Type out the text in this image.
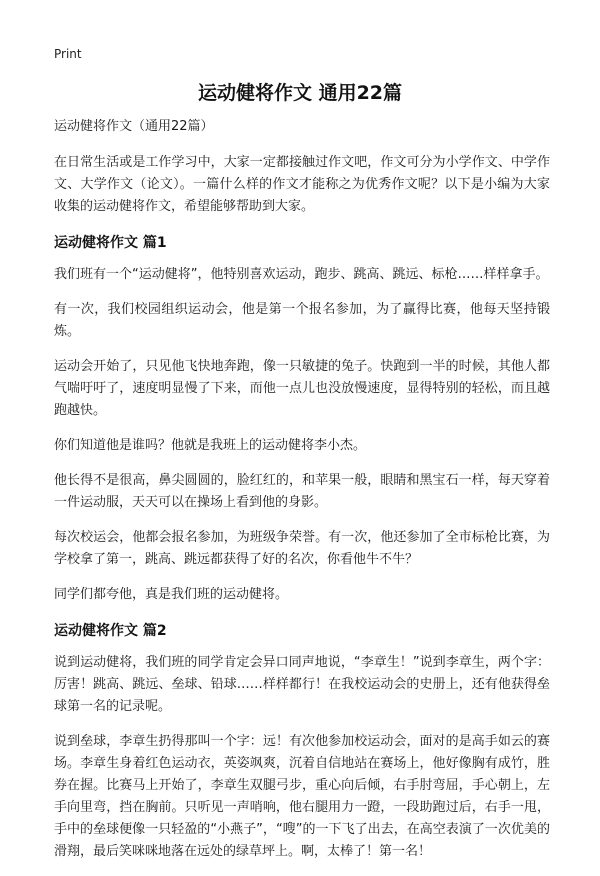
Print
运动健将作文 通用22篇

运动健将作文（通用22篇）

在日常生活或是工作学习中，大家一定都接触过作文吧，作文可分为小学作文、中学作文、大学作文（论文）。一篇什么样的作文才能称之为优秀作文呢？以下是小编为大家收集的运动健将作文，希望能够帮助到大家。

运动健将作文 篇1

我们班有一个“运动健将”，他特别喜欢运动，跑步、跳高、跳远、标枪……样样拿手。

有一次，我们校园组织运动会，他是第一个报名参加，为了赢得比赛，他每天坚持锻炼。

运动会开始了，只见他飞快地奔跑，像一只敏捷的兔子。快跑到一半的时候，其他人都气喘吁吁了，速度明显慢了下来，而他一点儿也没放慢速度，显得特别的轻松，而且越跑越快。

你们知道他是谁吗？他就是我班上的运动健将李小杰。

他长得不是很高，鼻尖圆圆的，脸红红的，和苹果一般，眼睛和黑宝石一样，每天穿着一件运动服，天天可以在操场上看到他的身影。

每次校运会，他都会报名参加，为班级争荣誉。有一次，他还参加了全市标枪比赛，为学校拿了第一，跳高、跳远都获得了好的名次，你看他牛不牛？

同学们都夸他，真是我们班的运动健将。

运动健将作文 篇2

说到运动健将，我们班的同学肯定会异口同声地说，“李章生！”说到李章生，两个字：厉害！跳高、跳远、垒球、铅球……样样都行！在我校运动会的史册上，还有他获得垒球第一名的记录呢。

说到垒球，李章生扔得那叫一个字：远！有次他参加校运动会，面对的是高手如云的赛场。李章生身着红色运动衣，英姿飒爽，沉着自信地站在赛场上，他好像胸有成竹，胜券在握。比赛马上开始了，李章生双腿弓步，重心向后倾，右手肘弯屈，手心朝上，左手向里弯，挡在胸前。只听见一声哨响，他右腿用力一蹬，一段助跑过后，右手一甩，手中的垒球便像一只轻盈的“小燕子”，“嗖”的一下飞了出去，在高空表演了一次优美的滑翔，最后笑咪咪地落在远处的绿草坪上。啊，太棒了！第一名！
